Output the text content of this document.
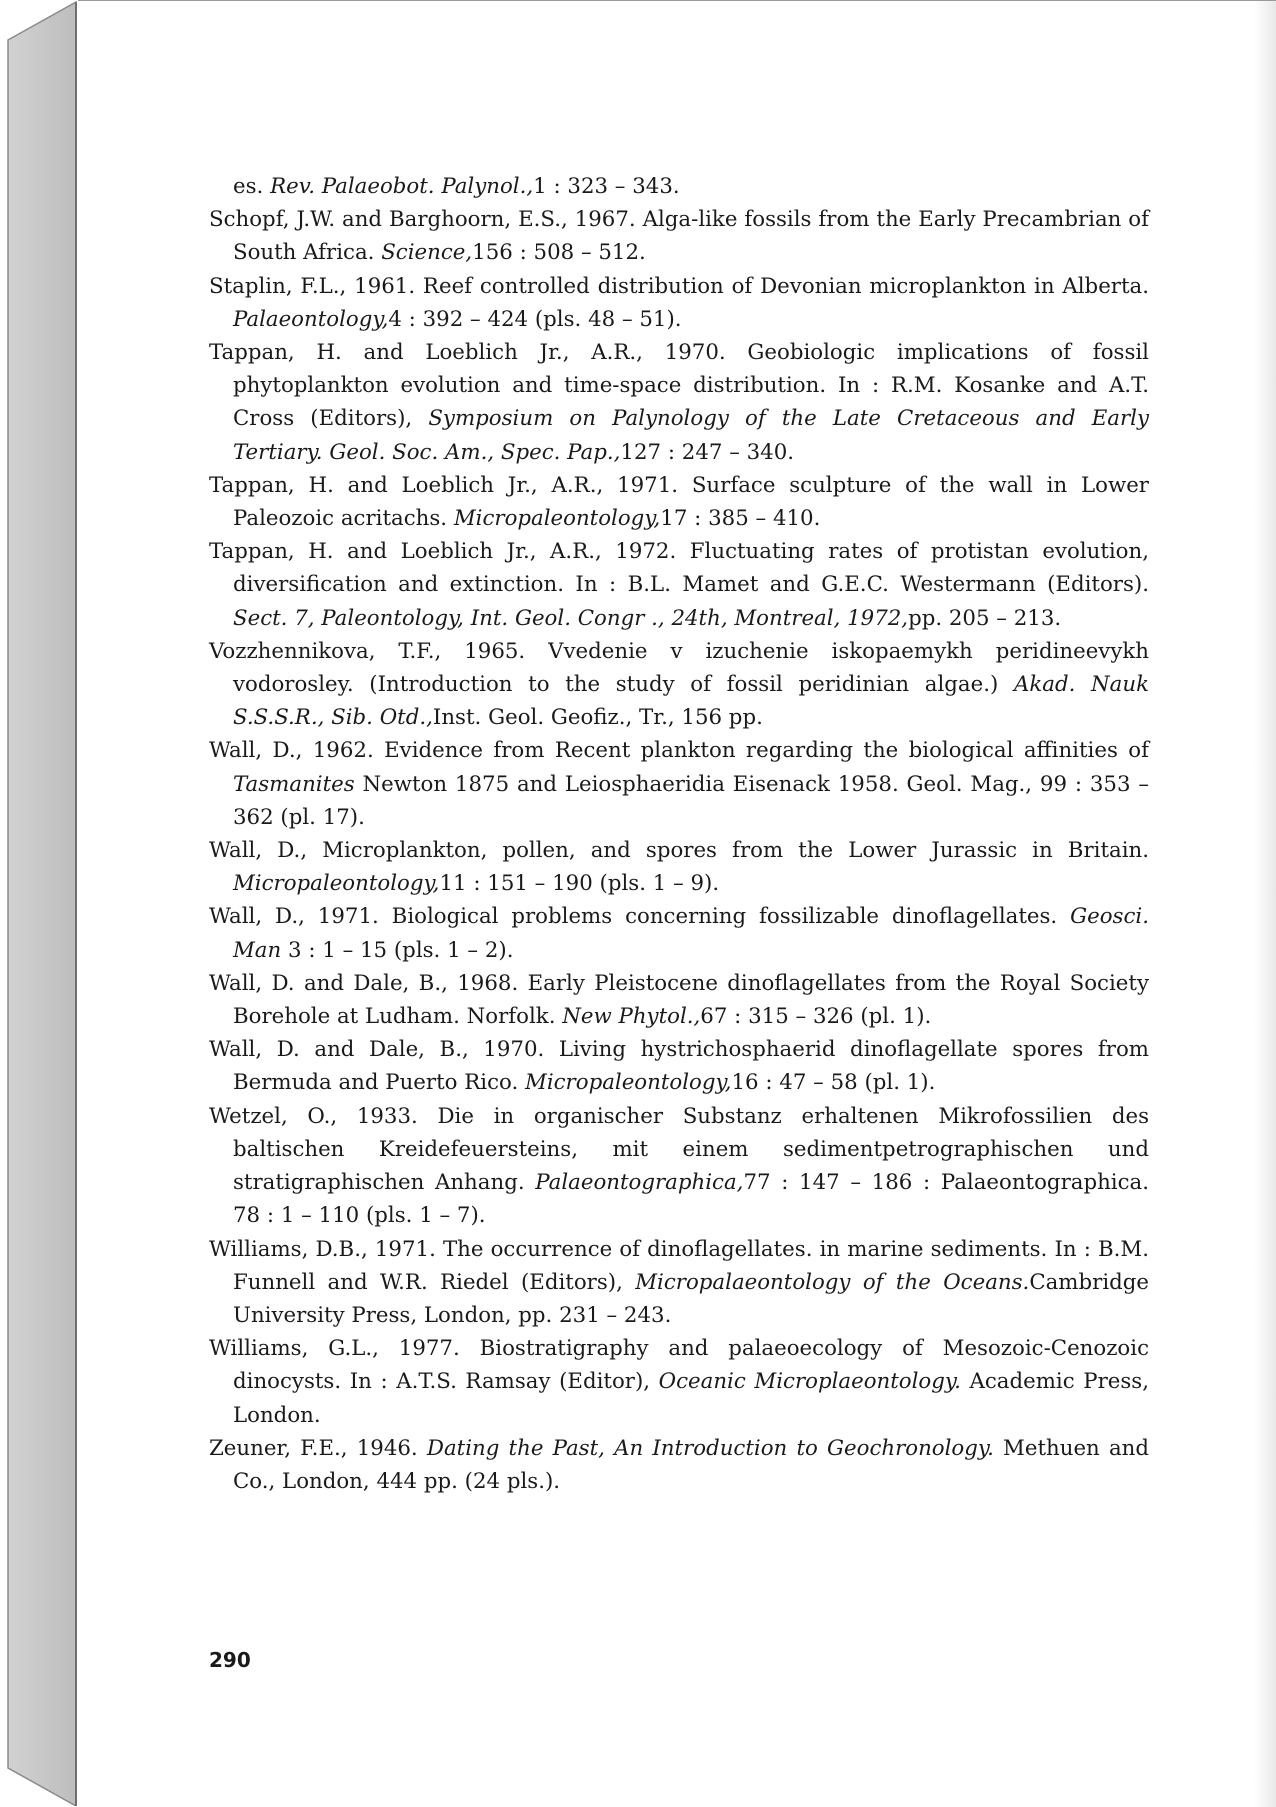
es. Rev. Palaeobot. Palynol.,1 : 323 – 343.
Schopf, J.W. and Barghoorn, E.S., 1967. Alga-like fossils from the Early Precambrian of South Africa. Science,156 : 508 – 512.
Staplin, F.L., 1961. Reef controlled distribution of Devonian microplankton in Alberta. Palaeontology,4 : 392 – 424 (pls. 48 – 51).
Tappan, H. and Loeblich Jr., A.R., 1970. Geobiologic implications of fossil phytoplankton evolution and time-space distribution. In : R.M. Kosanke and A.T. Cross (Editors), Symposium on Palynology of the Late Cretaceous and Early Tertiary. Geol. Soc. Am., Spec. Pap.,127 : 247 – 340.
Tappan, H. and Loeblich Jr., A.R., 1971. Surface sculpture of the wall in Lower Paleozoic acritachs. Micropaleontology,17 : 385 – 410.
Tappan, H. and Loeblich Jr., A.R., 1972. Fluctuating rates of protistan evolution, diversification and extinction. In : B.L. Mamet and G.E.C. Westermann (Editors). Sect. 7, Paleontology, Int. Geol. Congr ., 24th, Montreal, 1972,pp. 205 – 213.
Vozzhennikova, T.F., 1965. Vvedenie v izuchenie iskopaemykh peridineevykh vodorosley. (Introduction to the study of fossil peridinian algae.) Akad. Nauk S.S.S.R., Sib. Otd.,Inst. Geol. Geofiz., Tr., 156 pp.
Wall, D., 1962. Evidence from Recent plankton regarding the biological affinities of Tasmanites Newton 1875 and Leiosphaeridia Eisenack 1958. Geol. Mag., 99 : 353 – 362 (pl. 17).
Wall, D., Microplankton, pollen, and spores from the Lower Jurassic in Britain. Micropaleontology,11 : 151 – 190 (pls. 1 – 9).
Wall, D., 1971. Biological problems concerning fossilizable dinoflagellates. Geosci. Man 3 : 1 – 15 (pls. 1 – 2).
Wall, D. and Dale, B., 1968. Early Pleistocene dinoflagellates from the Royal Society Borehole at Ludham. Norfolk. New Phytol.,67 : 315 – 326 (pl. 1).
Wall, D. and Dale, B., 1970. Living hystrichosphaerid dinoflagellate spores from Bermuda and Puerto Rico. Micropaleontology,16 : 47 – 58 (pl. 1).
Wetzel, O., 1933. Die in organischer Substanz erhaltenen Mikrofossilien des baltischen Kreidefeuersteins, mit einem sedimentpetrographischen und stratigraphischen Anhang. Palaeontographica,77 : 147 – 186 : Palaeontographica. 78 : 1 – 110 (pls. 1 – 7).
Williams, D.B., 1971. The occurrence of dinoflagellates. in marine sediments. In : B.M. Funnell and W.R. Riedel (Editors), Micropalaeontology of the Oceans.Cambridge University Press, London, pp. 231 – 243.
Williams, G.L., 1977. Biostratigraphy and palaeoecology of Mesozoic-Cenozoic dinocysts. In : A.T.S. Ramsay (Editor), Oceanic Microplaeontology. Academic Press, London.
Zeuner, F.E., 1946. Dating the Past, An Introduction to Geochronology. Methuen and Co., London, 444 pp. (24 pls.).
290
